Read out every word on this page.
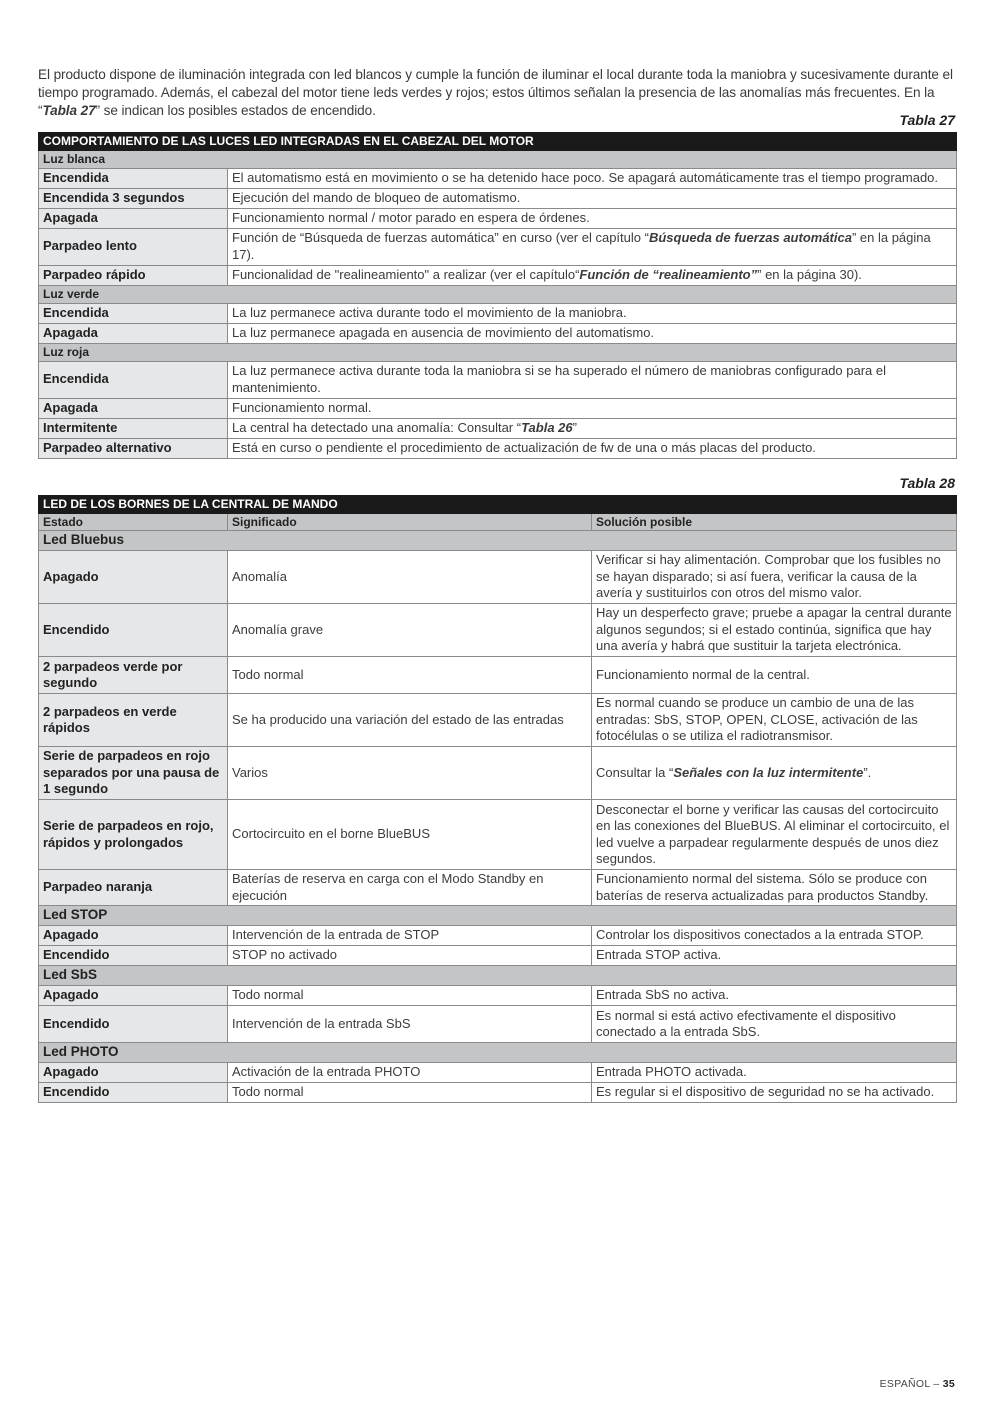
El producto dispone de iluminación integrada con led blancos y cumple la función de iluminar el local durante toda la maniobra y sucesivamente durante el tiempo programado. Además, el cabezal del motor tiene leds verdes y rojos; estos últimos señalan la presencia de las anomalías más frecuentes. En la “Tabla 27” se indican los posibles estados de encendido.

Tabla 27
COMPORTAMIENTO DE LAS LUCES LED INTEGRADAS EN EL CABEZAL DEL MOTOR	
Luz blanca	
Encendida	El automatismo está en movimiento o se ha detenido hace poco. Se apagará automáticamente tras el tiempo programado.
Encendida 3 segundos	Ejecución del mando de bloqueo de automatismo.
Apagada	Funcionamiento normal / motor parado en espera de órdenes.
Parpadeo lento	Función de “Búsqueda de fuerzas automática” en curso (ver el capítulo “Búsqueda de fuerzas automática” en la página 17).
Parpadeo rápido	Funcionalidad de "realineamiento" a realizar (ver el capítulo“Función de “realineamiento”” en la página 30).
Luz verde	
Encendida	La luz permanece activa durante todo el movimiento de la maniobra.
Apagada	La luz permanece apagada en ausencia de movimiento del automatismo.
Luz roja	
Encendida	La luz permanece activa durante toda la maniobra si se ha superado el número de maniobras configurado para el mantenimiento.
Apagada	Funcionamiento normal.
Intermitente	La central ha detectado una anomalía: Consultar “Tabla 26”
Parpadeo alternativo	Está en curso o pendiente el procedimiento de actualización de fw de una o más placas del producto.
Tabla 28
LED DE LOS BORNES DE LA CENTRAL DE MANDO		
Estado	Significado	Solución posible
Led Bluebus		
Apagado	Anomalía	Verificar si hay alimentación. Comprobar que los fusibles no se hayan disparado; si así fuera, verificar la causa de la avería y sustituirlos con otros del mismo valor.
Encendido	Anomalía grave	Hay un desperfecto grave; pruebe a apagar la central durante algunos segundos; si el estado continúa, significa que hay una avería y habrá que sustituir la tarjeta electrónica.
2 parpadeos verde por segundo	Todo normal	Funcionamiento normal de la central.
2 parpadeos en verde rápidos	Se ha producido una variación del estado de las entradas	Es normal cuando se produce un cambio de una de las entradas: SbS, STOP, OPEN, CLOSE, activación de las fotocélulas o se utiliza el radiotransmisor.
Serie de parpadeos en rojo separados por una pausa de 1 segundo	Varios	Consultar la “Señales con la luz intermitente”.
Serie de parpadeos en rojo, rápidos y prolongados	Cortocircuito en el borne BlueBUS	Desconectar el borne y verificar las causas del cortocircuito en las conexiones del BlueBUS. Al eliminar el cortocircuito, el led vuelve a parpadear regularmente después de unos diez segundos.
Parpadeo naranja	Baterías de reserva en carga con el Modo Standby en ejecución	Funcionamiento normal del sistema. Sólo se produce con baterías de reserva actualizadas para productos Standby.
Led STOP		
Apagado	Intervención de la entrada de STOP	Controlar los dispositivos conectados a la entrada STOP.
Encendido	STOP no activado	Entrada STOP activa.
Led SbS		
Apagado	Todo normal	Entrada SbS no activa.
Encendido	Intervención de la entrada SbS	Es normal si está activo efectivamente el dispositivo conectado a la entrada SbS.
Led PHOTO		
Apagado	Activación de la entrada PHOTO	Entrada PHOTO activada.
Encendido	Todo normal	Es regular si el dispositivo de seguridad no se ha activado.
ESPAÑOL – 35
